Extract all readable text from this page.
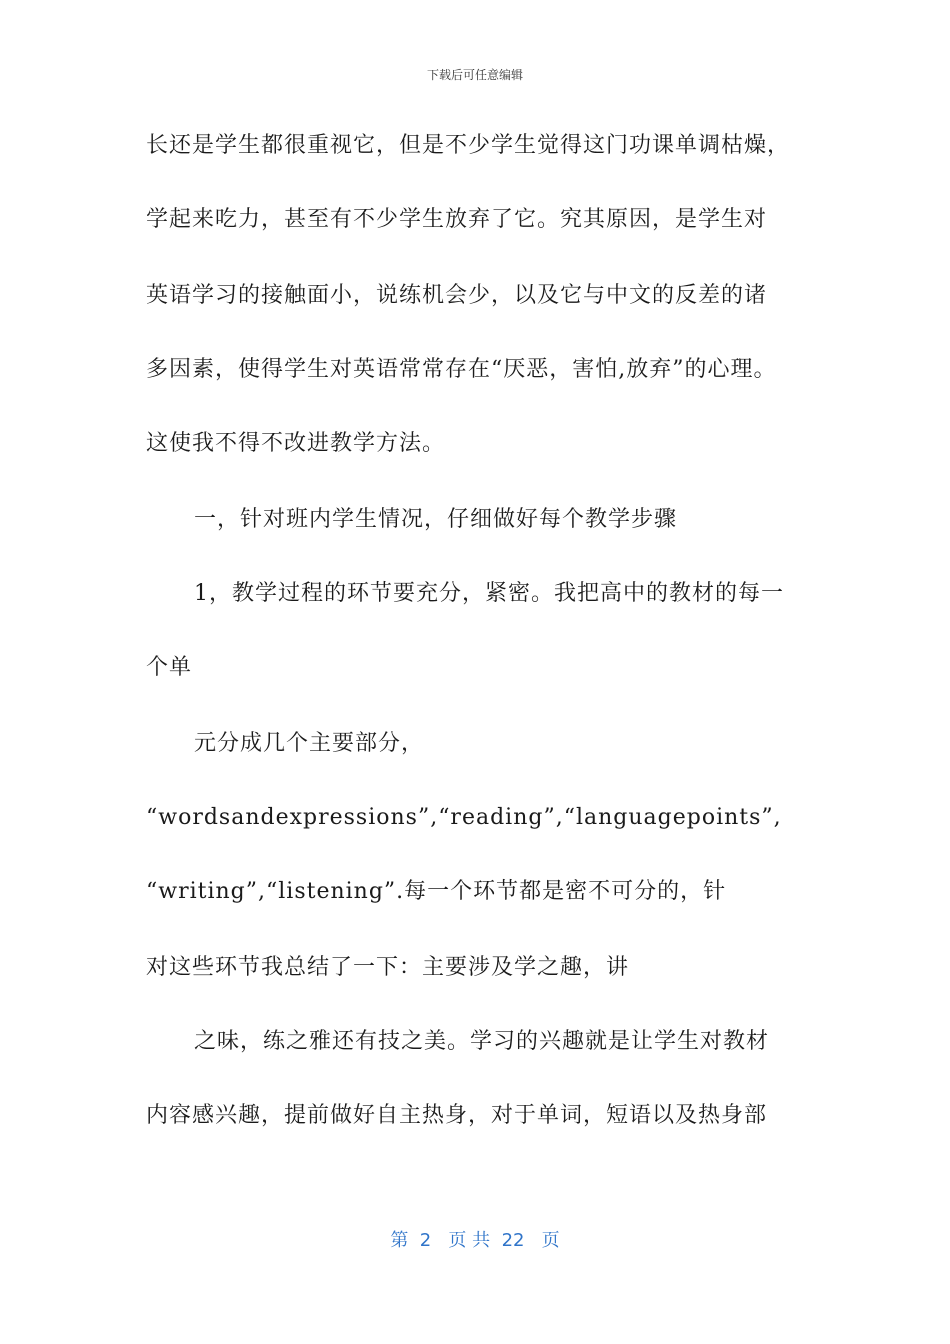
下载后可任意编辑
长还是学生都很重视它，但是不少学生觉得这门功课单调枯燥，
学起来吃力，甚至有不少学生放弃了它。究其原因，是学生对
英语学习的接触面小，说练机会少，以及它与中文的反差的诸
多因素，使得学生对英语常常存在“厌恶，害怕,放弃”的心理。
这使我不得不改进教学方法。
一，针对班内学生情况，仔细做好每个教学步骤
1，教学过程的环节要充分，紧密。我把高中的教材的每一
个单
元分成几个主要部分，
“wordsandexpressions”,“reading”,“languagepoints”,
“writing”,“listening”.每一个环节都是密不可分的，针
对这些环节我总结了一下：主要涉及学之趣，讲
之味，练之雅还有技之美。学习的兴趣就是让学生对教材
内容感兴趣，提前做好自主热身，对于单词，短语以及热身部
第  2   页 共  22   页
